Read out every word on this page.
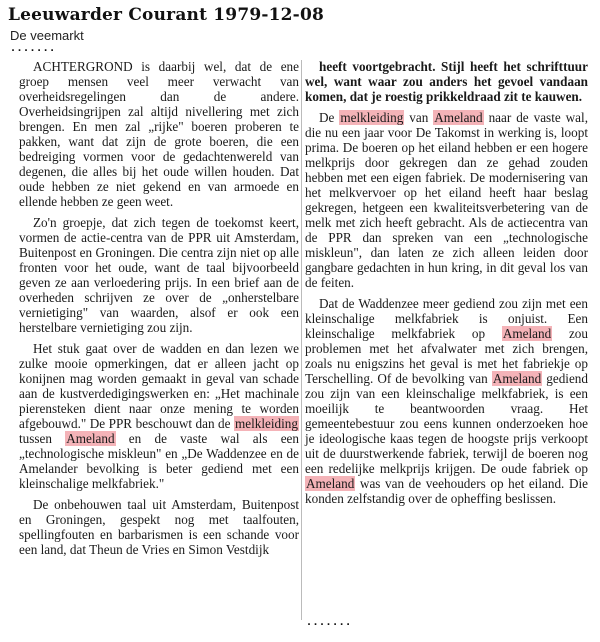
Leeuwarder Courant 1979-12-08
De veemarkt
.......

ACHTERGROND is daarbij wel, dat de ene groep mensen veel meer verwacht van overheidsregelingen dan de andere. Overheidsingrijpen zal altijd nivellering met zich brengen. En men zal „rijke" boeren proberen te pakken, want dat zijn de grote boeren, die een bedreiging vormen voor de gedachtenwereld van degenen, die alles bij het oude willen houden. Dat oude hebben ze niet gekend en van armoede en ellende hebben ze geen weet.

Zo'n groepje, dat zich tegen de toekomst keert, vormen de actie-centra van de PPR uit Amsterdam, Buitenpost en Groningen. Die centra zijn niet op alle fronten voor het oude, want de taal bijvoorbeeld geven ze aan verloedering prijs. In een brief aan de overheden schrijven ze over de „onherstelbare vernietiging" van waarden, alsof er ook een herstelbare vernietiging zou zijn.

Het stuk gaat over de wadden en dan lezen we zulke mooie opmerkingen, dat er alleen jacht op konijnen mag worden gemaakt in geval van schade aan de kustverdedigingswerken en: „Het machinale pierensteken dient naar onze mening te worden afgebouwd." De PPR beschouwt dan de melkleiding tussen Ameland en de vaste wal als een „technologische miskleun" en „De Waddenzee en de Amelander bevolking is beter gediend met een kleinschalige melkfabriek."

De onbehouwen taal uit Amsterdam, Buitenpost en Groningen, gespekt nog met taalfouten, spellingfouten en barbarismen is een schande voor een land, dat Theun de Vries en Simon Vestdijk

heeft voortgebracht. Stijl heeft het schrifttuur wel, want waar zou anders het gevoel vandaan komen, dat je roestig prikkeldraad zit te kauwen.

De melkleiding van Ameland naar de vaste wal, die nu een jaar voor De Takomst in werking is, loopt prima. De boeren op het eiland hebben er een hogere melkprijs door gekregen dan ze gehad zouden hebben met een eigen fabriek. De modernisering van het melkvervoer op het eiland heeft haar beslag gekregen, hetgeen een kwaliteitsverbetering van de melk met zich heeft gebracht. Als de actiecentra van de PPR dan spreken van een „technologische miskleun", dan laten ze zich alleen leiden door gangbare gedachten in hun kring, in dit geval los van de feiten.

Dat de Waddenzee meer gediend zou zijn met een kleinschalige melkfabriek is onjuist. Een kleinschalige melkfabriek op Ameland zou problemen met het afvalwater met zich brengen, zoals nu enigszins het geval is met het fabriekje op Terschelling. Of de bevolking van Ameland gediend zou zijn van een kleinschalige melkfabriek, is een moeilijk te beantwoorden vraag. Het gemeentebestuur zou eens kunnen onderzoeken hoe je ideologische kaas tegen de hoogste prijs verkoopt uit de duurstwerkende fabriek, terwijl de boeren nog een redelijke melkprijs krijgen. De oude fabriek op Ameland was van de veehouders op het eiland. Die konden zelfstandig over de opheffing beslissen.

.......
